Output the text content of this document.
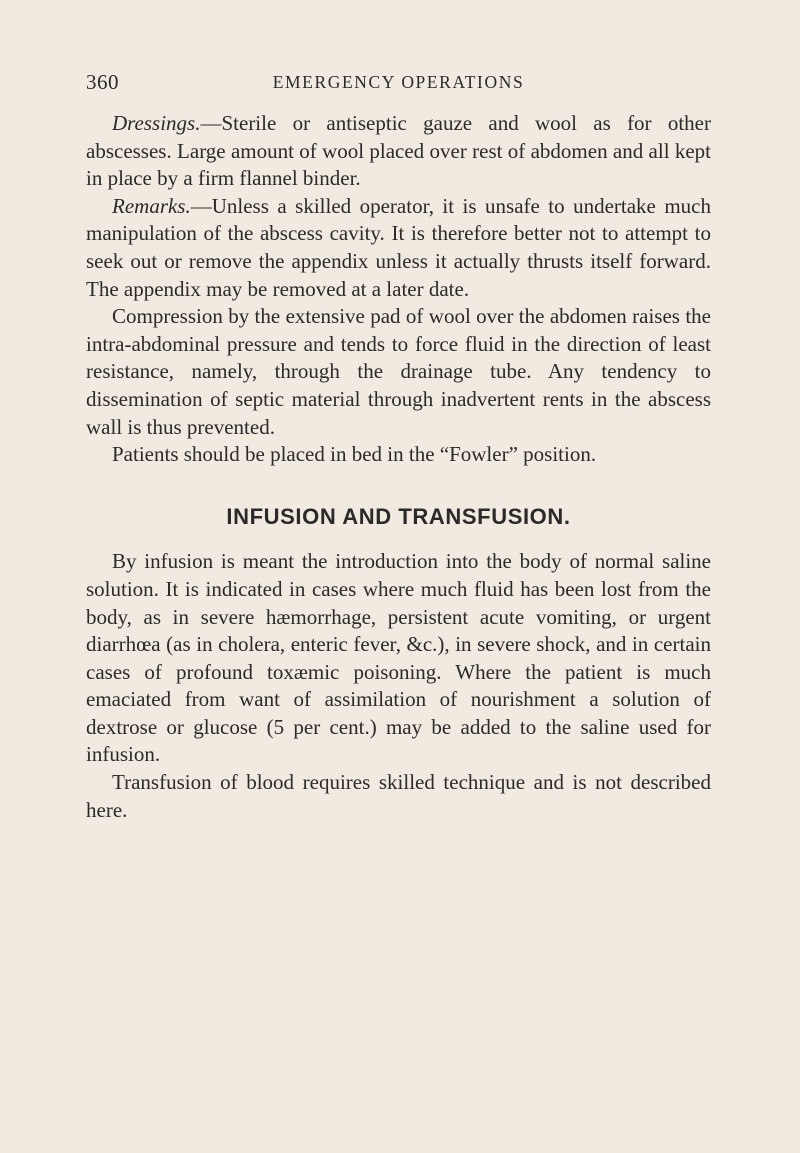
360	EMERGENCY OPERATIONS

Dressings.—Sterile or antiseptic gauze and wool as for other abscesses. Large amount of wool placed over rest of abdomen and all kept in place by a firm flannel binder.

Remarks.—Unless a skilled operator, it is unsafe to undertake much manipulation of the abscess cavity. It is therefore better not to attempt to seek out or remove the appendix unless it actually thrusts itself forward. The appendix may be removed at a later date.

Compression by the extensive pad of wool over the abdomen raises the intra-abdominal pressure and tends to force fluid in the direction of least resistance, namely, through the drainage tube. Any tendency to dissemination of septic material through inadvertent rents in the abscess wall is thus prevented.

Patients should be placed in bed in the “Fowler” position.

INFUSION AND TRANSFUSION.

By infusion is meant the introduction into the body of normal saline solution. It is indicated in cases where much fluid has been lost from the body, as in severe hæmorrhage, persistent acute vomiting, or urgent diarrhœa (as in cholera, enteric fever, &c.), in severe shock, and in certain cases of profound toxæmic poisoning. Where the patient is much emaciated from want of assimilation of nourishment a solution of dextrose or glucose (5 per cent.) may be added to the saline used for infusion.

Transfusion of blood requires skilled technique and is not described here.
